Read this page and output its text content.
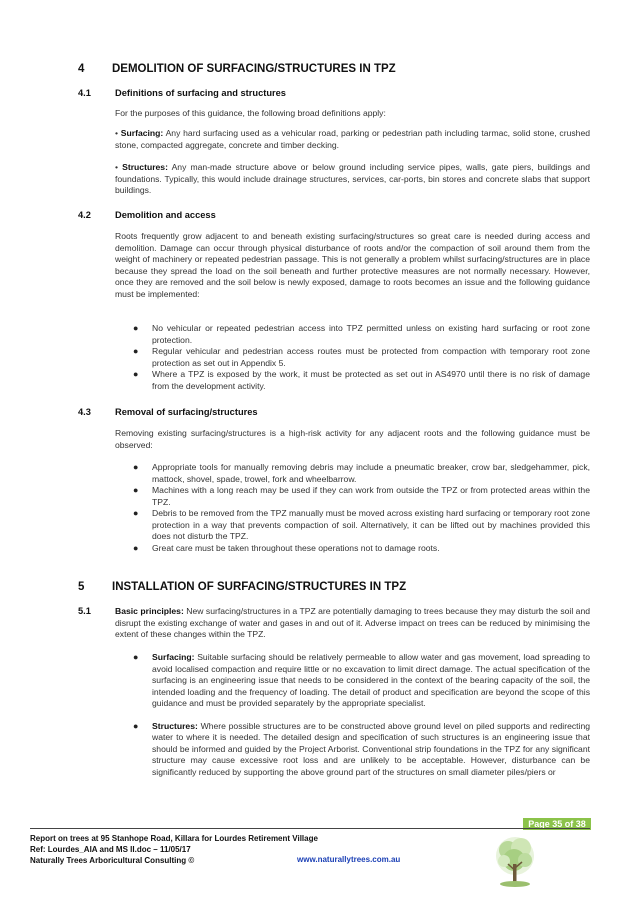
4 DEMOLITION OF SURFACING/STRUCTURES IN TPZ
4.1	Definitions of surfacing and structures

For the purposes of this guidance, the following broad definitions apply:

• Surfacing: Any hard surfacing used as a vehicular road, parking or pedestrian path including tarmac, solid stone, crushed stone, compacted aggregate, concrete and timber decking.

• Structures: Any man-made structure above or below ground including service pipes, walls, gate piers, buildings and foundations. Typically, this would include drainage structures, services, car-ports, bin stores and concrete slabs that support buildings.

4.2	Demolition and access

Roots frequently grow adjacent to and beneath existing surfacing/structures so great care is needed during access and demolition. Damage can occur through physical disturbance of roots and/or the compaction of soil around them from the weight of machinery or repeated pedestrian passage. This is not generally a problem whilst surfacing/structures are in place because they spread the load on the soil beneath and further protective measures are not normally necessary. However, once they are removed and the soil below is newly exposed, damage to roots becomes an issue and the following guidance must be implemented:

● No vehicular or repeated pedestrian access into TPZ permitted unless on existing hard surfacing or root zone protection.
● Regular vehicular and pedestrian access routes must be protected from compaction with temporary root zone protection as set out in Appendix 5.
● Where a TPZ is exposed by the work, it must be protected as set out in AS4970 until there is no risk of damage from the development activity.
4.3	Removal of surfacing/structures

Removing existing surfacing/structures is a high-risk activity for any adjacent roots and the following guidance must be observed:

● Appropriate tools for manually removing debris may include a pneumatic breaker, crow bar, sledgehammer, pick, mattock, shovel, spade, trowel, fork and wheelbarrow.
● Machines with a long reach may be used if they can work from outside the TPZ or from protected areas within the TPZ.
● Debris to be removed from the TPZ manually must be moved across existing hard surfacing or temporary root zone protection in a way that prevents compaction of soil. Alternatively, it can be lifted out by machines provided this does not disturb the TPZ.
● Great care must be taken throughout these operations not to damage roots.
5 INSTALLATION OF SURFACING/STRUCTURES IN TPZ
5.1	Basic principles: New surfacing/structures in a TPZ are potentially damaging to trees because they may disturb the soil and disrupt the existing exchange of water and gases in and out of it. Adverse impact on trees can be reduced by minimising the extent of these changes within the TPZ.
● Surfacing: Suitable surfacing should be relatively permeable to allow water and gas movement, load spreading to avoid localised compaction and require little or no excavation to limit direct damage. The actual specification of the surfacing is an engineering issue that needs to be considered in the context of the bearing capacity of the soil, the intended loading and the frequency of loading. The detail of product and specification are beyond the scope of this guidance and must be provided separately by the appropriate specialist.
● Structures: Where possible structures are to be constructed above ground level on piled supports and redirecting water to where it is needed. The detailed design and specification of such structures is an engineering issue that should be informed and guided by the Project Arborist. Conventional strip foundations in the TPZ for any significant structure may cause excessive root loss and are unlikely to be acceptable. However, disturbance can be significantly reduced by supporting the above ground part of the structures on small diameter piles/piers or
Page 35 of 38
Report on trees at 95 Stanhope Road, Killara for Lourdes Retirement Village
Ref: Lourdes_AIA and MS II.doc – 11/05/17
Naturally Trees Arboricultural Consulting ©	www.naturallytrees.com.au
